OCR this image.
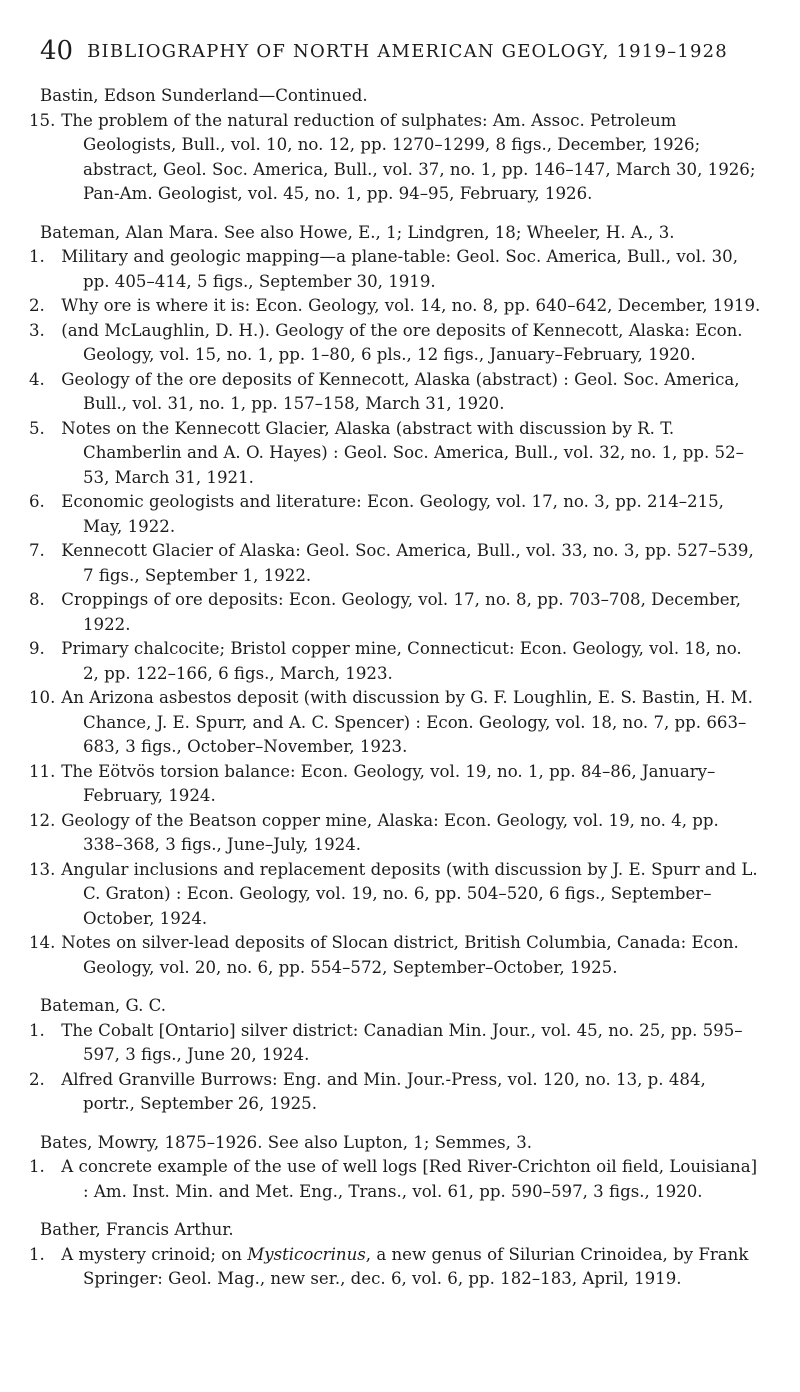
40 BIBLIOGRAPHY OF NORTH AMERICAN GEOLOGY, 1919–1928
Bastin, Edson Sunderland—Continued.

15. The problem of the natural reduction of sulphates: Am. Assoc. Petroleum Geologists, Bull., vol. 10, no. 12, pp. 1270–1299, 8 figs., December, 1926; abstract, Geol. Soc. America, Bull., vol. 37, no. 1, pp. 146–147, March 30, 1926; Pan-Am. Geologist, vol. 45, no. 1, pp. 94–95, February, 1926.

Bateman, Alan Mara. See also Howe, E., 1; Lindgren, 18; Wheeler, H. A., 3.

1. Military and geologic mapping—a plane-table: Geol. Soc. America, Bull., vol. 30, pp. 405–414, 5 figs., September 30, 1919.

2. Why ore is where it is: Econ. Geology, vol. 14, no. 8, pp. 640–642, December, 1919.

3. (and McLaughlin, D. H.). Geology of the ore deposits of Kennecott, Alaska: Econ. Geology, vol. 15, no. 1, pp. 1–80, 6 pls., 12 figs., January–February, 1920.

4. Geology of the ore deposits of Kennecott, Alaska (abstract) : Geol. Soc. America, Bull., vol. 31, no. 1, pp. 157–158, March 31, 1920.

5. Notes on the Kennecott Glacier, Alaska (abstract with discussion by R. T. Chamberlin and A. O. Hayes) : Geol. Soc. America, Bull., vol. 32, no. 1, pp. 52–53, March 31, 1921.

6. Economic geologists and literature: Econ. Geology, vol. 17, no. 3, pp. 214–215, May, 1922.

7. Kennecott Glacier of Alaska: Geol. Soc. America, Bull., vol. 33, no. 3, pp. 527–539, 7 figs., September 1, 1922.

8. Croppings of ore deposits: Econ. Geology, vol. 17, no. 8, pp. 703–708, December, 1922.

9. Primary chalcocite; Bristol copper mine, Connecticut: Econ. Geology, vol. 18, no. 2, pp. 122–166, 6 figs., March, 1923.

10. An Arizona asbestos deposit (with discussion by G. F. Loughlin, E. S. Bastin, H. M. Chance, J. E. Spurr, and A. C. Spencer) : Econ. Geology, vol. 18, no. 7, pp. 663–683, 3 figs., October–November, 1923.

11. The Eötvös torsion balance: Econ. Geology, vol. 19, no. 1, pp. 84–86, January–February, 1924.

12. Geology of the Beatson copper mine, Alaska: Econ. Geology, vol. 19, no. 4, pp. 338–368, 3 figs., June–July, 1924.

13. Angular inclusions and replacement deposits (with discussion by J. E. Spurr and L. C. Graton) : Econ. Geology, vol. 19, no. 6, pp. 504–520, 6 figs., September–October, 1924.

14. Notes on silver-lead deposits of Slocan district, British Columbia, Canada: Econ. Geology, vol. 20, no. 6, pp. 554–572, September–October, 1925.

Bateman, G. C.

1. The Cobalt [Ontario] silver district: Canadian Min. Jour., vol. 45, no. 25, pp. 595–597, 3 figs., June 20, 1924.

2. Alfred Granville Burrows: Eng. and Min. Jour.-Press, vol. 120, no. 13, p. 484, portr., September 26, 1925.

Bates, Mowry, 1875–1926. See also Lupton, 1; Semmes, 3.

1. A concrete example of the use of well logs [Red River-Crichton oil field, Louisiana] : Am. Inst. Min. and Met. Eng., Trans., vol. 61, pp. 590–597, 3 figs., 1920.

Bather, Francis Arthur.

1. A mystery crinoid; on Mysticocrinus, a new genus of Silurian Crinoidea, by Frank Springer: Geol. Mag., new ser., dec. 6, vol. 6, pp. 182–183, April, 1919.
